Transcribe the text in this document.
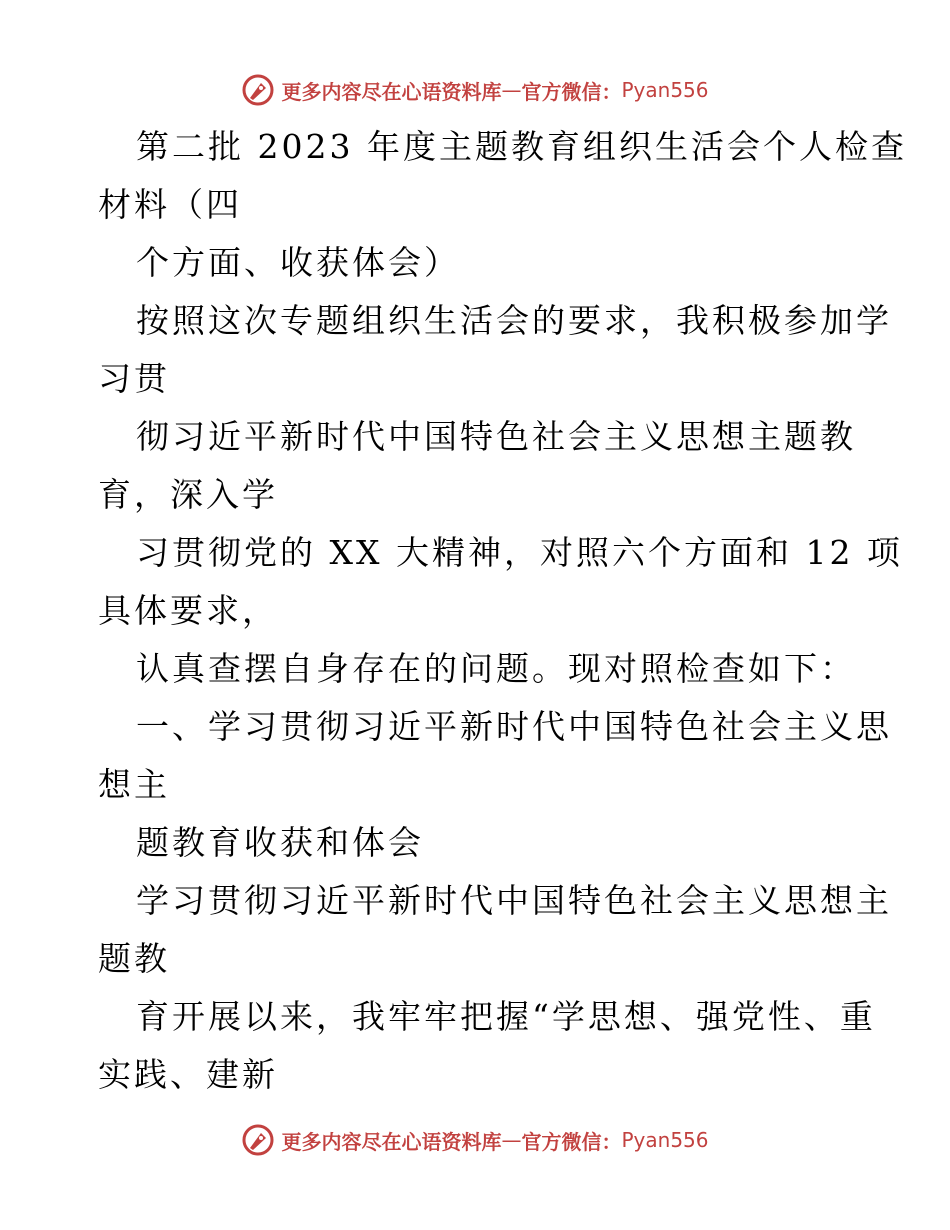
更多内容尽在心语资料库 — 官方微信： Pyan556
第二批 2023 年度主题教育组织生活会个人检查
材料（四
个方面、收获体会）
按照这次专题组织生活会的要求，我积极参加学
习贯
彻习近平新时代中国特色社会主义思想主题教
育，深入学
习贯彻党的 XX 大精神，对照六个方面和 12 项
具体要求，
认真查摆自身存在的问题。现对照检查如下：
一、学习贯彻习近平新时代中国特色社会主义思
想主
题教育收获和体会
学习贯彻习近平新时代中国特色社会主义思想主
题教
育开展以来，我牢牢把握“学思想、强党性、重
实践、建新
更多内容尽在心语资料库 — 官方微信： Pyan556
